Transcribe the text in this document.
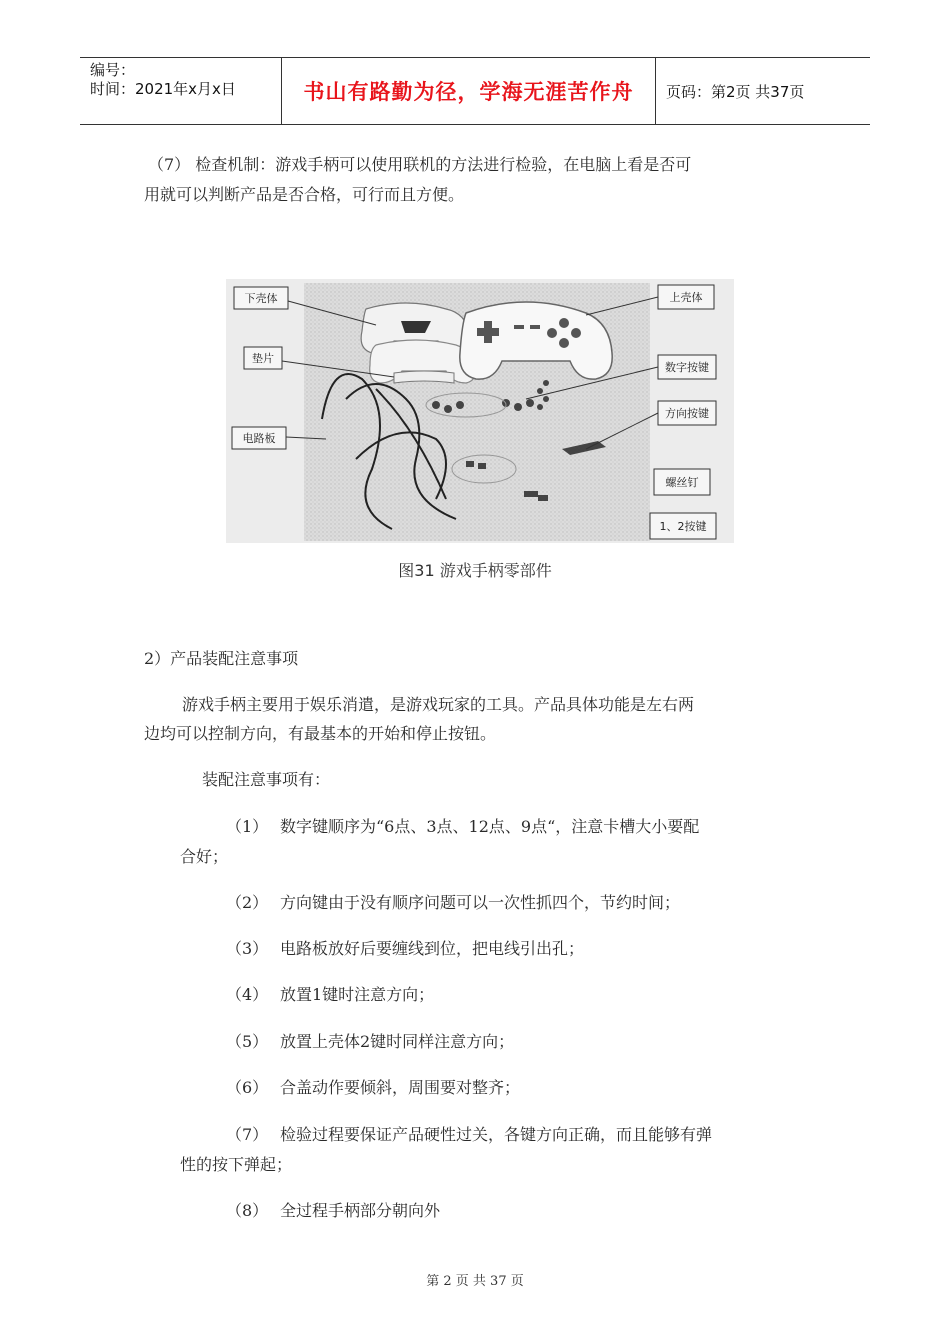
编号：
时间：2021年x月x日	书山有路勤为径，学海无涯苦作舟	页码：第2页 共37页
（7） 检查机制：游戏手柄可以使用联机的方法进行检验，在电脑上看是否可
用就可以判断产品是否合格，可行而且方便。
下壳体	上壳体
垫片
数字按键
方向按键
电路板
螺丝钉
1、2按键
图31 游戏手柄零部件
2）产品装配注意事项
游戏手柄主要用于娱乐消遣，是游戏玩家的工具。产品具体功能是左右两
边均可以控制方向，有最基本的开始和停止按钮。
装配注意事项有：
（1） 数字键顺序为“6点、3点、12点、9点“，注意卡槽大小要配
合好；
（2） 方向键由于没有顺序问题可以一次性抓四个，节约时间；
（3） 电路板放好后要缠线到位，把电线引出孔；
（4） 放置1键时注意方向；
（5） 放置上壳体2键时同样注意方向；
（6） 合盖动作要倾斜，周围要对整齐；
（7） 检验过程要保证产品硬性过关，各键方向正确，而且能够有弹
性的按下弹起；
（8） 全过程手柄部分朝向外
第 2 页 共 37 页
